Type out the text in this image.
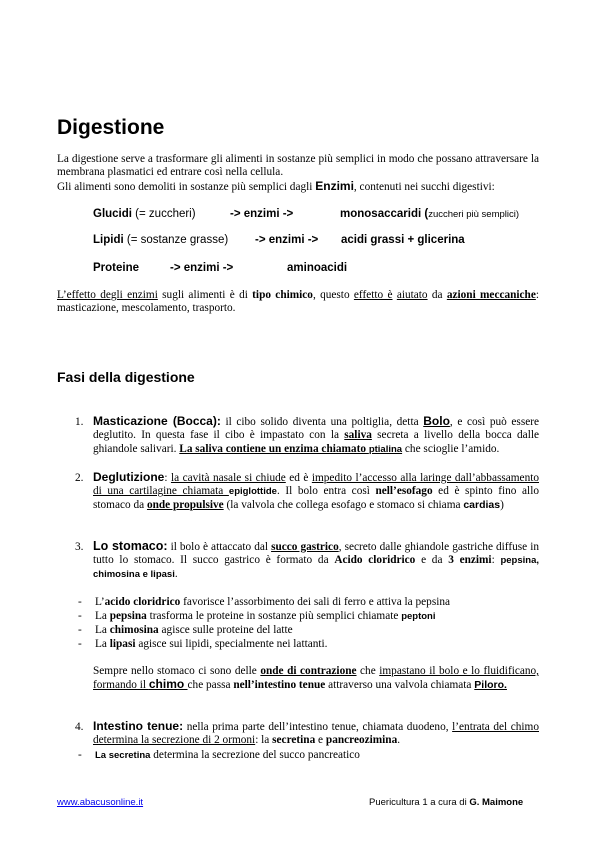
Digestione
La digestione serve a trasformare gli alimenti in sostanze più semplici in modo che possano attraversare la membrana plasmatici ed entrare così nella cellula.
Gli alimenti sono demoliti in sostanze più semplici dagli Enzimi, contenuti nei succhi digestivi:
Glucidi (= zuccheri)	-> enzimi ->	monosaccaridi (zuccheri più semplici)
Lipidi (= sostanze grasse) -> enzimi -> acidi grassi + glicerina
Proteine	-> enzimi ->	aminoacidi
L’effetto degli enzimi sugli alimenti è di tipo chimico, questo effetto è aiutato da azioni meccaniche: masticazione, mescolamento, trasporto.
Fasi della digestione
1. Masticazione (Bocca): il cibo solido diventa una poltiglia, detta Bolo, e così può essere deglutito. In questa fase il cibo è impastato con la saliva secreta a livello della bocca dalle ghiandole salivari. La saliva contiene un enzima chiamato ptialina che scioglie l’amido.
2. Deglutizione: la cavità nasale si chiude ed è impedito l’accesso alla laringe dall’abbassamento di una cartilagine chiamata epiglottide. Il bolo entra così nell’esofago ed è spinto fino allo stomaco da onde propulsive (la valvola che collega esofago e stomaco si chiama cardias)
3. Lo stomaco: il bolo è attaccato dal succo gastrico, secreto dalle ghiandole gastriche diffuse in tutto lo stomaco. Il succo gastrico è formato da Acido cloridrico e da 3 enzimi: pepsina, chimosina e lipasi.
- L’acido cloridrico favorisce l’assorbimento dei sali di ferro e attiva la pepsina
- La pepsina trasforma le proteine in sostanze più semplici chiamate peptoni
- La chimosina agisce sulle proteine del latte
- La lipasi agisce sui lipidi, specialmente nei lattanti.
Sempre nello stomaco ci sono delle onde di contrazione che impastano il bolo e lo fluidificano, formando il chimo che passa nell’intestino tenue attraverso una valvola chiamata Piloro.
4. Intestino tenue: nella prima parte dell’intestino tenue, chiamata duodeno, l’entrata del chimo determina la secrezione di 2 ormoni: la secretina e pancreozimina.
- La secretina determina la secrezione del succo pancreatico
www.abacusonline.it	Puericultura 1 a cura di G. Maimone
